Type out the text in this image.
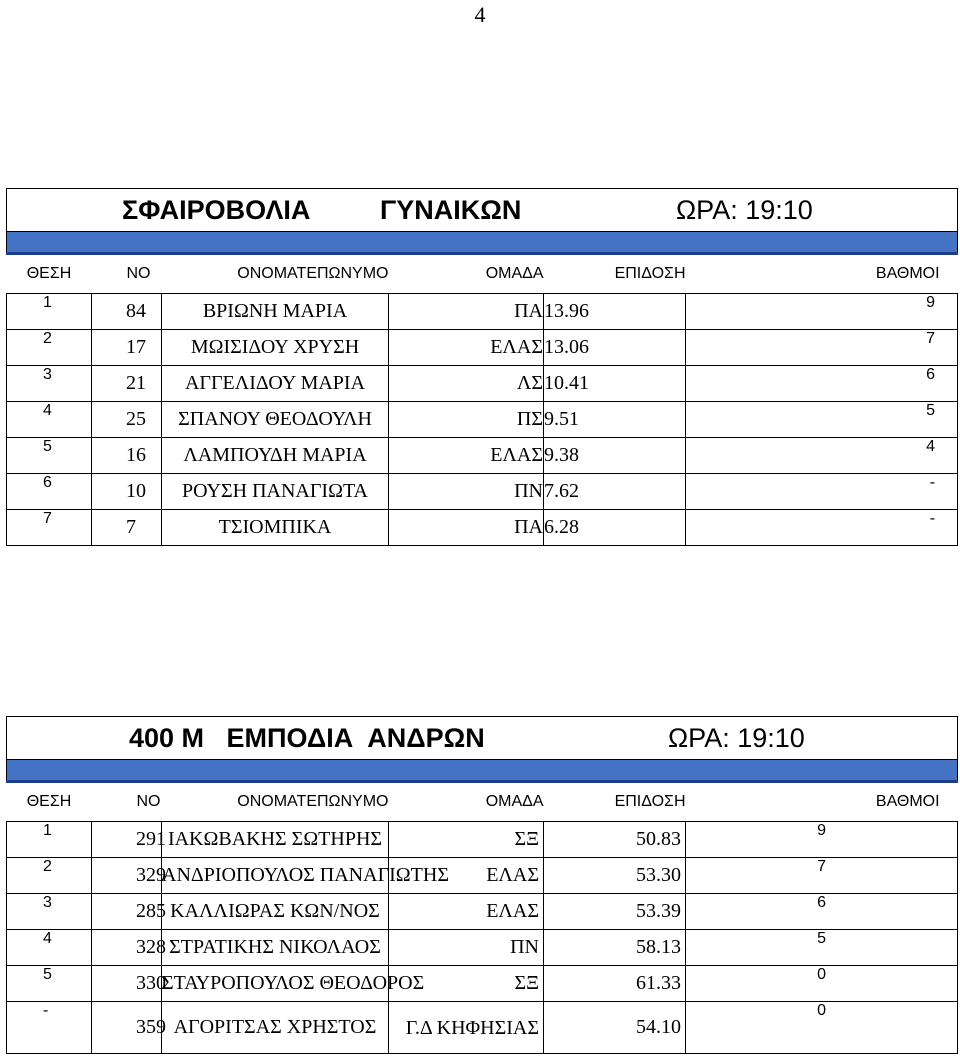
4
ΣΦΑΙΡΟΒΟΛΙΑ ΓΥΝΑΙΚΩΝ ΩΡΑ: 19:10					

ΘΕΣΗ	ΝΟ	ΟΝΟΜΑΤΕΠΩΝΥΜΟ	ΟΜΑΔΑ	ΕΠΙΔΟΣΗ	ΒΑΘΜΟΙ
1	84	ΒΡΙΩΝΗ ΜΑΡΙΑ	ΠΑ	13.96	9
2	17	ΜΩΙΣΙΔΟΥ ΧΡΥΣΗ	ΕΛΑΣ	13.06	7
3	21	ΑΓΓΕΛΙΔΟΥ ΜΑΡΙΑ	ΛΣ	10.41	6
4	25	ΣΠΑΝΟΥ ΘΕΟΔΟΥΛΗ	ΠΣ	9.51	5
5	16	ΛΑΜΠΟΥΔΗ ΜΑΡΙΑ	ΕΛΑΣ	9.38	4
6	10	ΡΟΥΣΗ ΠΑΝΑΓΙΩΤΑ	ΠΝ	7.62	-
7	7	ΤΣΙΟΜΠΙΚΑ	ΠΑ	6.28	-
400 Μ   ΕΜΠΟΔΙΑ  ΑΝΔΡΩΝ ΩΡΑ: 19:10					

ΘΕΣΗ	ΝΟ	ΟΝΟΜΑΤΕΠΩΝΥΜΟ	ΟΜΑΔΑ	ΕΠΙΔΟΣΗ	ΒΑΘΜΟΙ
1	291	ΙΑΚΩΒΑΚΗΣ ΣΩΤΗΡΗΣ	ΣΞ	50.83	9
2	329	ΑΝΔΡΙΟΠΟΥΛΟΣ ΠΑΝΑΓΙΩΤΗΣ	ΕΛΑΣ	53.30	7
3	285	ΚΑΛΛΙΩΡΑΣ ΚΩΝ/ΝΟΣ	ΕΛΑΣ	53.39	6
4	328	ΣΤΡΑΤΙΚΗΣ ΝΙΚΟΛΑΟΣ	ΠΝ	58.13	5
5	330	ΣΤΑΥΡΟΠΟΥΛΟΣ ΘΕΟΔΟΡΟΣ	ΣΞ	61.33	0
-	359	ΑΓΟΡΙΤΣΑΣ ΧΡΗΣΤΟΣ	Γ.Δ ΚΗΦΗΣΙΑΣ	54.10	0
